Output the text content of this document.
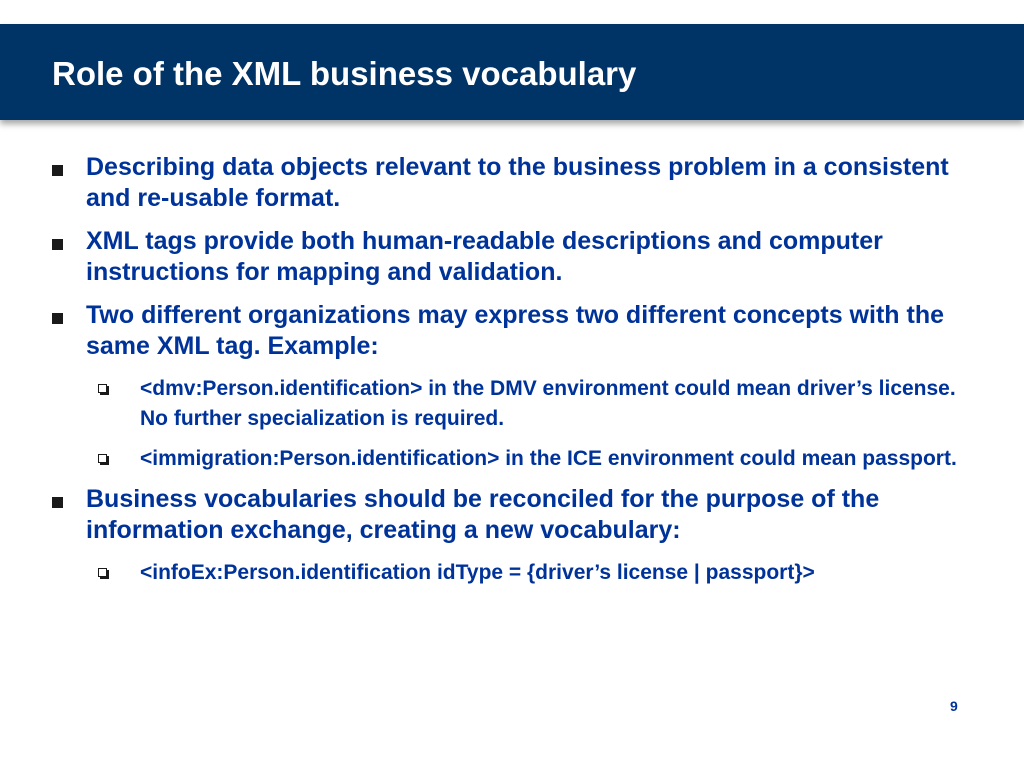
Role of the XML business vocabulary
Describing data objects relevant to the business problem in a consistent and re-usable format.
XML tags provide both human-readable descriptions and computer instructions for mapping and validation.
Two different organizations may express two different concepts with the same XML tag. Example:
<dmv:Person.identification> in the DMV environment could mean driver’s license. No further specialization is required.
<immigration:Person.identification> in the ICE environment could mean passport.
Business vocabularies should be reconciled for the purpose of the information exchange, creating a new vocabulary:
<infoEx:Person.identification idType = {driver’s license | passport}>
9
